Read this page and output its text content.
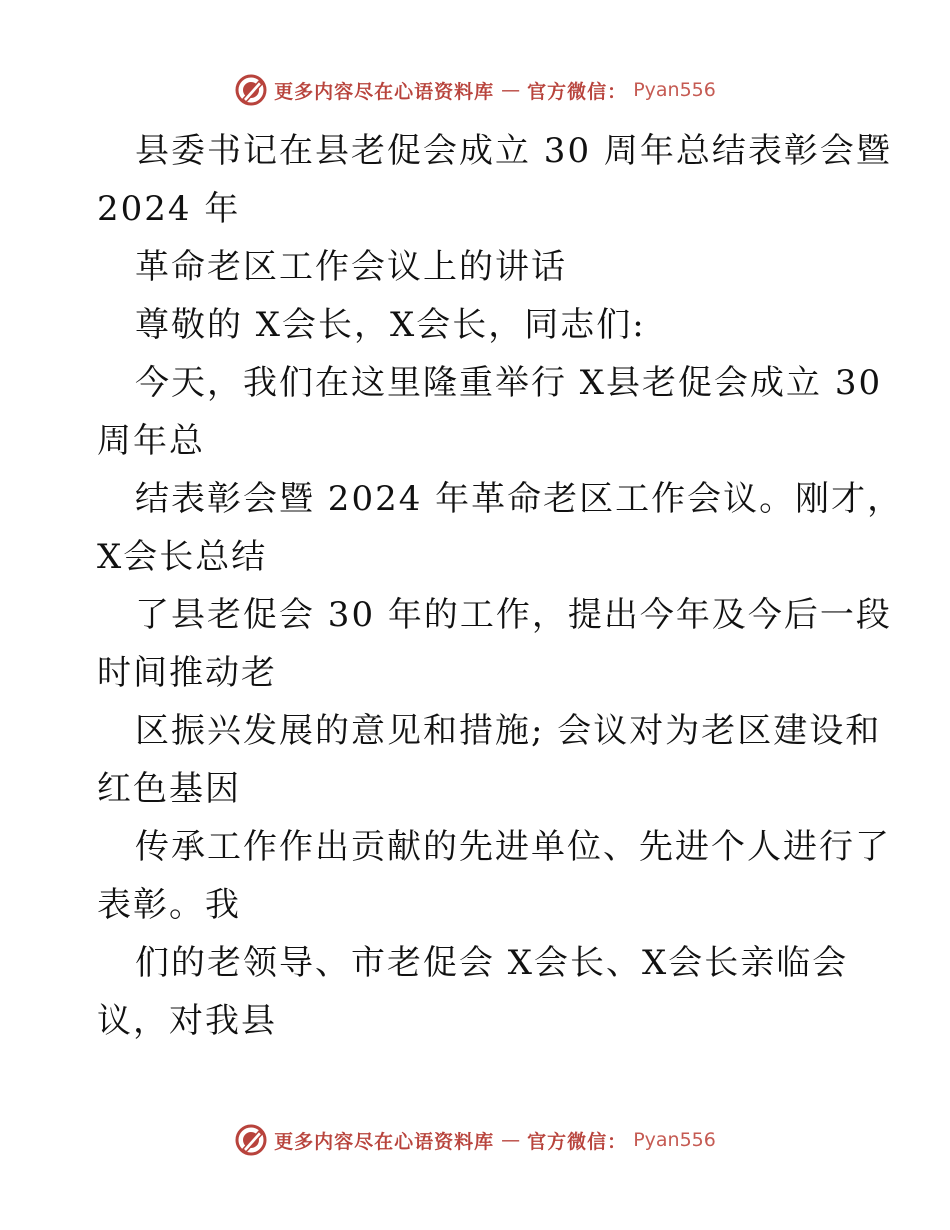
更多内容尽在心语资料库 — 官方微信： Pyan556
县委书记在县老促会成立 30 周年总结表彰会暨
2024 年
革命老区工作会议上的讲话
尊敬的 X会长，X会长，同志们:
今天，我们在这里隆重举行 X县老促会成立 30
周年总
结表彰会暨 2024 年革命老区工作会议。刚才，
X会长总结
了县老促会 30 年的工作，提出今年及今后一段
时间推动老
区振兴发展的意见和措施; 会议对为老区建设和
红色基因
传承工作作出贡献的先进单位、先进个人进行了
表彰。我
们的老领导、市老促会 X会长、X会长亲临会
议，对我县
更多内容尽在心语资料库 — 官方微信： Pyan556
